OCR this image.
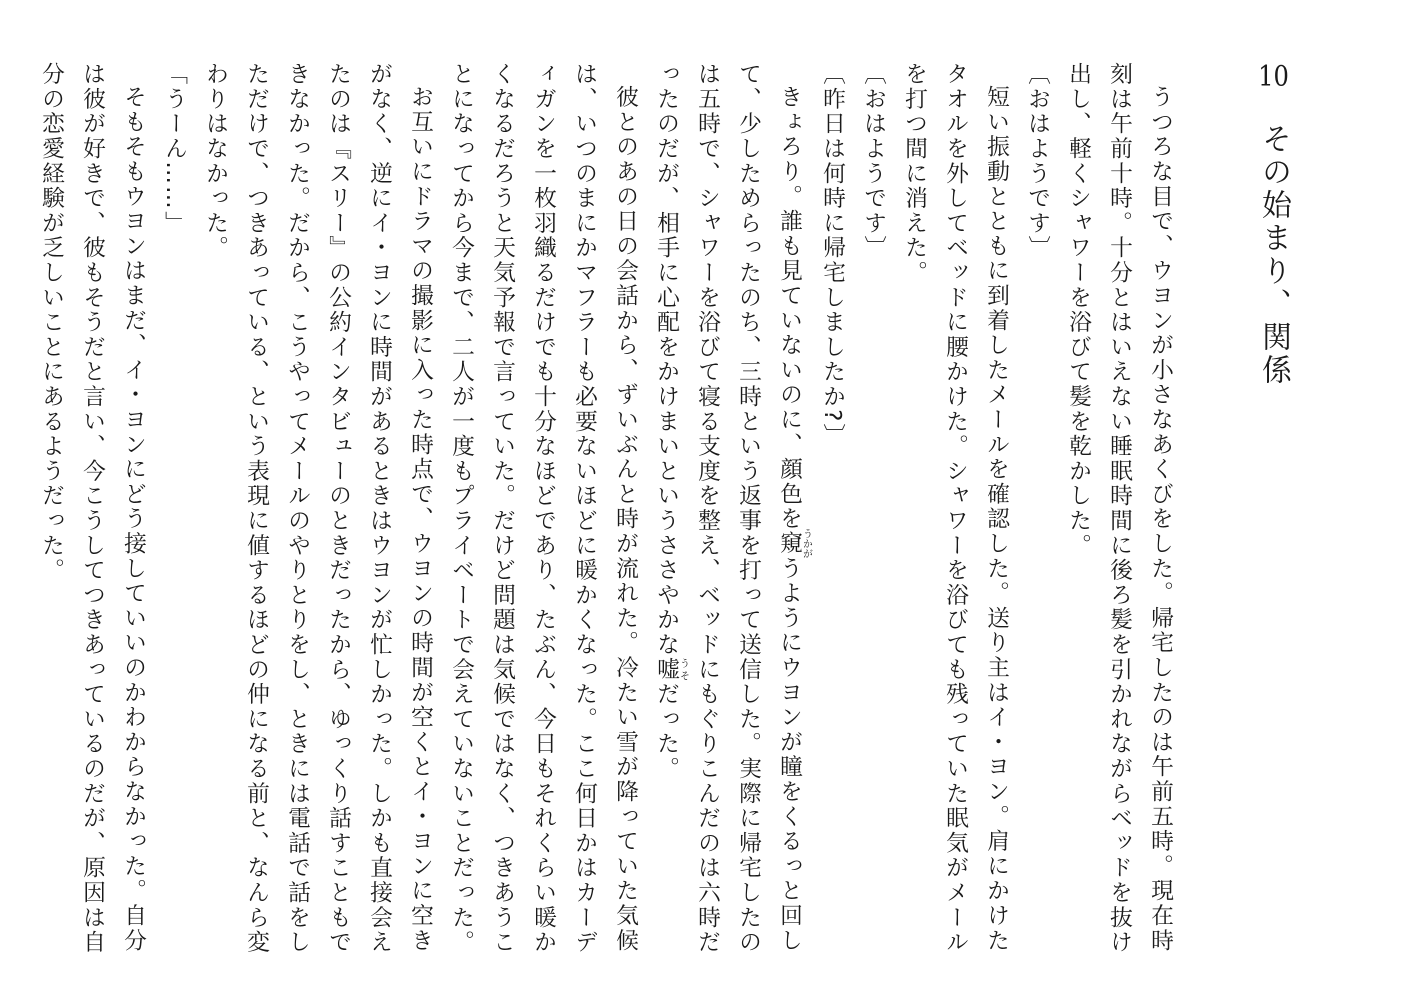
10　その始まり、関係

うつろな目で、ウヨンが小さなあくびをした。帰宅したのは午前五時。現在時刻は午前十時。十分とはいえない睡眠時間に後ろ髪を引かれながらベッドを抜け出し、軽くシャワーを浴びて髪を乾かした。

〔おはようです〕

短い振動とともに到着したメールを確認した。送り主はイ・ヨン。肩にかけたタオルを外してベッドに腰かけた。シャワーを浴びても残っていた眠気がメールを打つ間に消えた。

〔おはようです〕

〔昨日は何時に帰宅しましたか?〕

きょろり。誰も見ていないのに、顔色を窺うかがうようにウヨンが瞳をくるっと回して、少しためらったのち、三時という返事を打って送信した。実際に帰宅したのは五時で、シャワーを浴びて寝る支度を整え、ベッドにもぐりこんだのは六時だったのだが、相手に心配をかけまいというささやかな嘘うそだった。

彼とのあの日の会話から、ずいぶんと時が流れた。冷たい雪が降っていた気候は、いつのまにかマフラーも必要ないほどに暖かくなった。ここ何日かはカーディガンを一枚羽織るだけでも十分なほどであり、たぶん、今日もそれくらい暖かくなるだろうと天気予報で言っていた。だけど問題は気候ではなく、つきあうことになってから今まで、二人が一度もプライベートで会えていないことだった。

お互いにドラマの撮影に入った時点で、ウヨンの時間が空くとイ・ヨンに空きがなく、逆にイ・ヨンに時間があるときはウヨンが忙しかった。しかも直接会えたのは『スリー』の公約インタビューのときだったから、ゆっくり話すこともできなかった。だから、こうやってメールのやりとりをし、ときには電話で話をしただけで、つきあっている、という表現に値するほどの仲になる前と、なんら変わりはなかった。

「うーん……」

そもそもウヨンはまだ、イ・ヨンにどう接していいのかわからなかった。自分は彼が好きで、彼もそうだと言い、今こうしてつきあっているのだが、原因は自分の恋愛経験が乏しいことにあるようだった。
